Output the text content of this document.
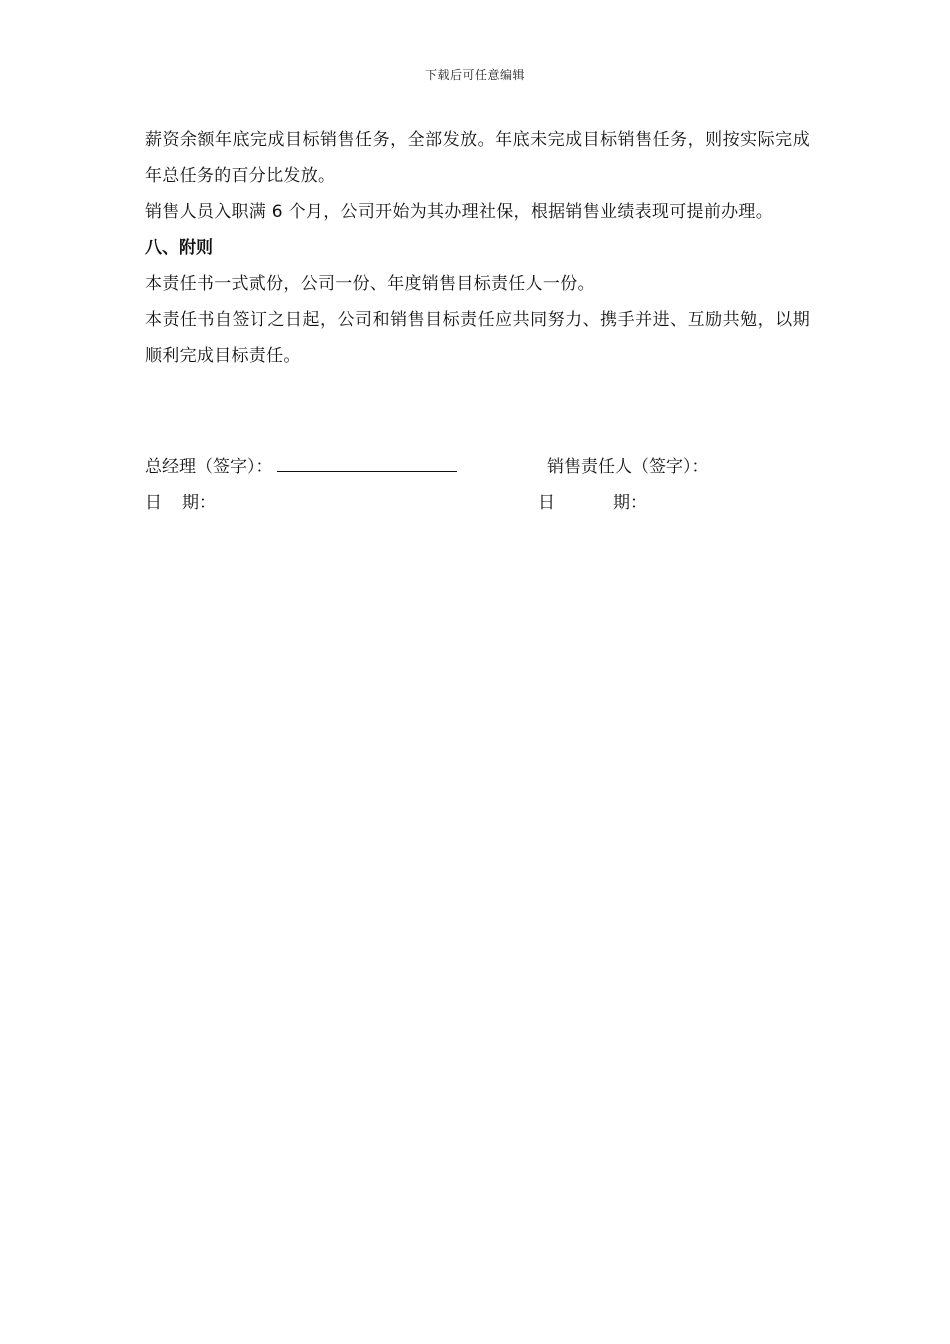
下载后可任意编辑

薪资余额年底完成目标销售任务，全部发放。年底未完成目标销售任务，则按实际完成年总任务的百分比发放。

销售人员入职满 6 个月，公司开始为其办理社保，根据销售业绩表现可提前办理。

八、附则

本责任书一式贰份，公司一份、年度销售目标责任人一份。

本责任书自签订之日起，公司和销售目标责任应共同努力、携手并进、互励共勉，以期顺利完成目标责任。

总经理（签字）：	销售责任人（签字）：
日 期：	日	期：
